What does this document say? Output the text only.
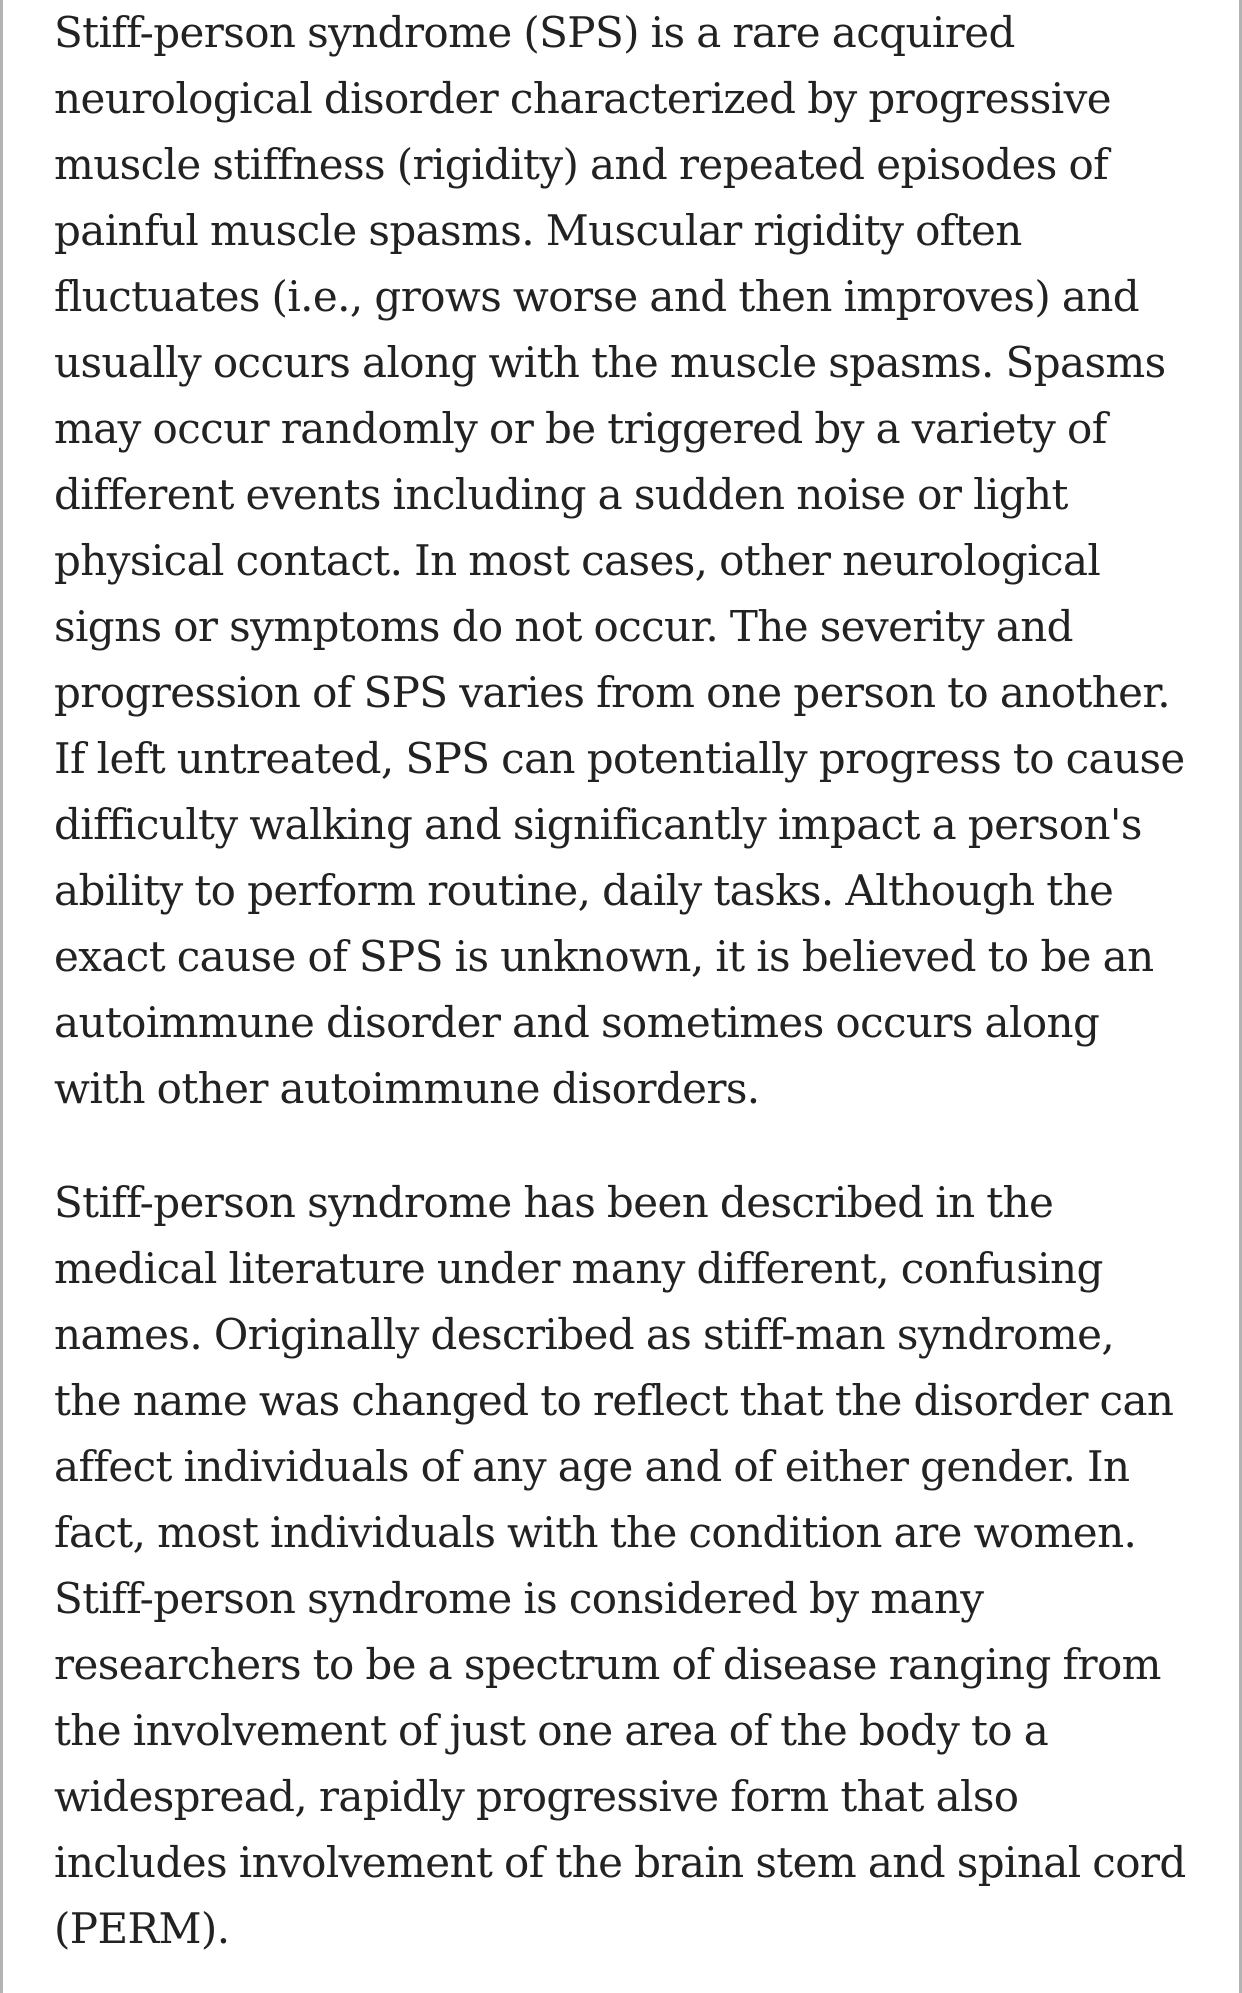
Stiff-person syndrome (SPS) is a rare acquired
neurological disorder characterized by progressive
muscle stiffness (rigidity) and repeated episodes of
painful muscle spasms. Muscular rigidity often
fluctuates (i.e., grows worse and then improves) and
usually occurs along with the muscle spasms. Spasms
may occur randomly or be triggered by a variety of
different events including a sudden noise or light
physical contact. In most cases, other neurological
signs or symptoms do not occur. The severity and
progression of SPS varies from one person to another.
If left untreated, SPS can potentially progress to cause
difficulty walking and significantly impact a person's
ability to perform routine, daily tasks. Although the
exact cause of SPS is unknown, it is believed to be an
autoimmune disorder and sometimes occurs along
with other autoimmune disorders.

Stiff-person syndrome has been described in the
medical literature under many different, confusing
names. Originally described as stiff-man syndrome,
the name was changed to reflect that the disorder can
affect individuals of any age and of either gender. In
fact, most individuals with the condition are women.
Stiff-person syndrome is considered by many
researchers to be a spectrum of disease ranging from
the involvement of just one area of the body to a
widespread, rapidly progressive form that also
includes involvement of the brain stem and spinal cord
(PERM).
